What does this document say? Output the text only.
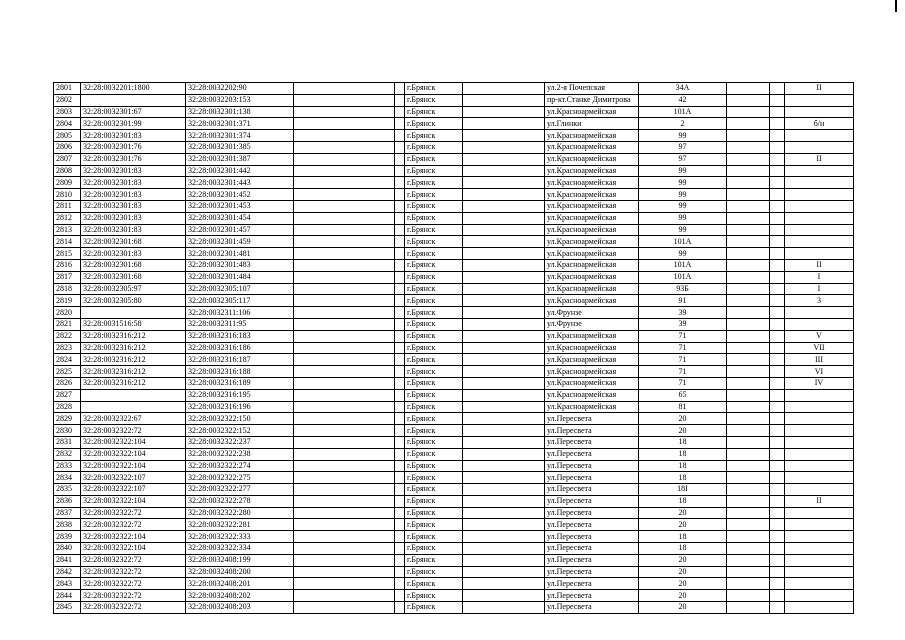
2801	32:28:0032201:1800	32:28:0032202:90			г.Брянск		ул.2-я Почепская	34А			II
2802		32:28:0032203:153			г.Брянск		пр-кт.Станке Димитрова	42			
2803	32:28:0032301:67	32:28:0032301:138			г.Брянск		ул.Красноармейская	101А			
2804	32:28:0032301:99	32:28:0032301:371			г.Брянск		ул.Глинки	2			б/н
2805	32:28:0032301:83	32:28:0032301:374			г.Брянск		ул.Красноармейская	99			
2806	32:28:0032301:76	32:28:0032301:385			г.Брянск		ул.Красноармейская	97			
2807	32:28:0032301:76	32:28:0032301:387			г.Брянск		ул.Красноармейская	97			II
2808	32:28:0032301:83	32:28:0032301:442			г.Брянск		ул.Красноармейская	99			
2809	32:28:0032301:83	32:28:0032301:443			г.Брянск		ул.Красноармейская	99			
2810	32:28:0032301:83	32:28:0032301:452			г.Брянск		ул.Красноармейская	99			
2811	32:28:0032301:83	32:28:0032301:453			г.Брянск		ул.Красноармейская	99			
2812	32:28:0032301:83	32:28:0032301:454			г.Брянск		ул.Красноармейская	99			
2813	32:28:0032301:83	32:28:0032301:457			г.Брянск		ул.Красноармейская	99			
2814	32:28:0032301:68	32:28:0032301:459			г.Брянск		ул.Красноармейская	101А			
2815	32:28:0032301:83	32:28:0032301:481			г.Брянск		ул.Красноармейская	99			
2816	32:28:0032301:68	32:28:0032301:483			г.Брянск		ул.Красноармейская	101А			II
2817	32:28:0032301:68	32:28:0032301:484			г.Брянск		ул.Красноармейская	101А			I
2818	32:28:0032305:97	32:28:0032305:107			г.Брянск		ул.Красноармейская	93Б			I
2819	32:28:0032305:80	32:28:0032305:117			г.Брянск		ул.Красноармейская	91			3
2820		32:28:0032311:106			г.Брянск		ул.Фрунзе	39			
2821	32:28:0031516:58	32:28:0032311:95			г.Брянск		ул.Фрунзе	39			
2822	32:28:0032316:212	32:28:0032316:183			г.Брянск		ул.Красноармейская	71			V
2823	32:28:0032316:212	32:28:0032316:186			г.Брянск		ул.Красноармейская	71			VII
2824	32:28:0032316:212	32:28:0032316:187			г.Брянск		ул.Красноармейская	71			III
2825	32:28:0032316:212	32:28:0032316:188			г.Брянск		ул.Красноармейская	71			VI
2826	32:28:0032316:212	32:28:0032316:189			г.Брянск		ул.Красноармейская	71			IV
2827		32:28:0032316:195			г.Брянск		ул.Красноармейская	65			
2828		32:28:0032316:196			г.Брянск		ул.Красноармейская	81			
2829	32:28:0032322:67	32:28:0032322:150			г.Брянск		ул.Пересвета	20			
2830	32:28:0032322:72	32:28:0032322:152			г.Брянск		ул.Пересвета	20			
2831	32:28:0032322:104	32:28:0032322:237			г.Брянск		ул.Пересвета	18			
2832	32:28:0032322:104	32:28:0032322:238			г.Брянск		ул.Пересвета	18			
2833	32:28:0032322:104	32:28:0032322:274			г.Брянск		ул.Пересвета	18			
2834	32:28:0032322:107	32:28:0032322:275			г.Брянск		ул.Пересвета	18			
2835	32:28:0032322:107	32:28:0032322:277			г.Брянск		ул.Пересвета	18I			
2836	32:28:0032322:104	32:28:0032322:278			г.Брянск		ул.Пересвета	18			II
2837	32:28:0032322:72	32:28:0032322:280			г.Брянск		ул.Пересвета	20			
2838	32:28:0032322:72	32:28:0032322:281			г.Брянск		ул.Пересвета	20			
2839	32:28:0032322:104	32:28:0032322:333			г.Брянск		ул.Пересвета	18			
2840	32:28:0032322:104	32:28:0032322:334			г.Брянск		ул.Пересвета	18			
2841	32:28:0032322:72	32:28:0032408:199			г.Брянск		ул.Пересвета	20			
2842	32:28:0032322:72	32:28:0032408:200			г.Брянск		ул.Пересвета	20			
2843	32:28:0032322:72	32:28:0032408:201			г.Брянск		ул.Пересвета	20			
2844	32:28:0032322:72	32:28:0032408:202			г.Брянск		ул.Пересвета	20			
2845	32:28:0032322:72	32:28:0032408:203			г.Брянск		ул.Пересвета	20			
